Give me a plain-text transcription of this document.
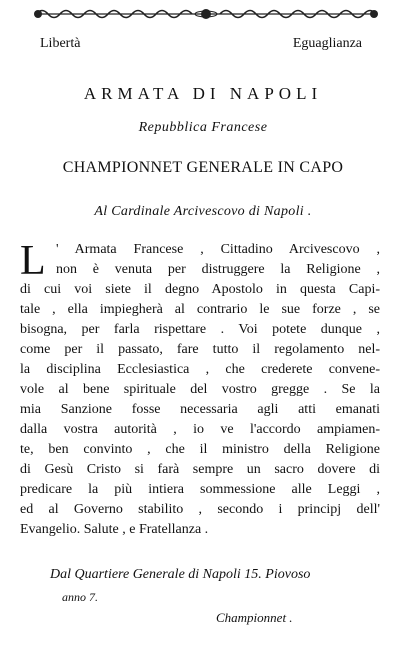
Libertà	Eguaglianza
ARMATA DI NAPOLI
Repubblica Francese
CHAMPIONNET GENERALE IN CAPO
Al Cardinale Arcivescovo di Napoli .
L ' Armata Francese , Cittadino Arcivescovo ,
non è venuta per distruggere la Religione ,
di cui voi siete il degno Apostolo in questa Capi-
tale , ella impiegherà al contrario le sue forze , se
bisogna, per farla rispettare . Voi potete dunque ,
come per il passato, fare tutto il regolamento nel-
la disciplina Ecclesiastica , che crederete convene-
vole al bene spirituale del vostro gregge . Se la
mia Sanzione fosse necessaria agli atti emanati
dalla vostra autorità , io ve l'accordo ampiamen-
te, ben convinto , che il ministro della Religione
di Gesù Cristo si farà sempre un sacro dovere di
predicare la più intiera sommessione alle Leggi ,
ed al Governo stabilito , secondo i principj dell'
Evangelio. Salute , e Fratellanza .
Dal Quartiere Generale di Napoli 15. Piovoso
anno 7.
Championnet .
